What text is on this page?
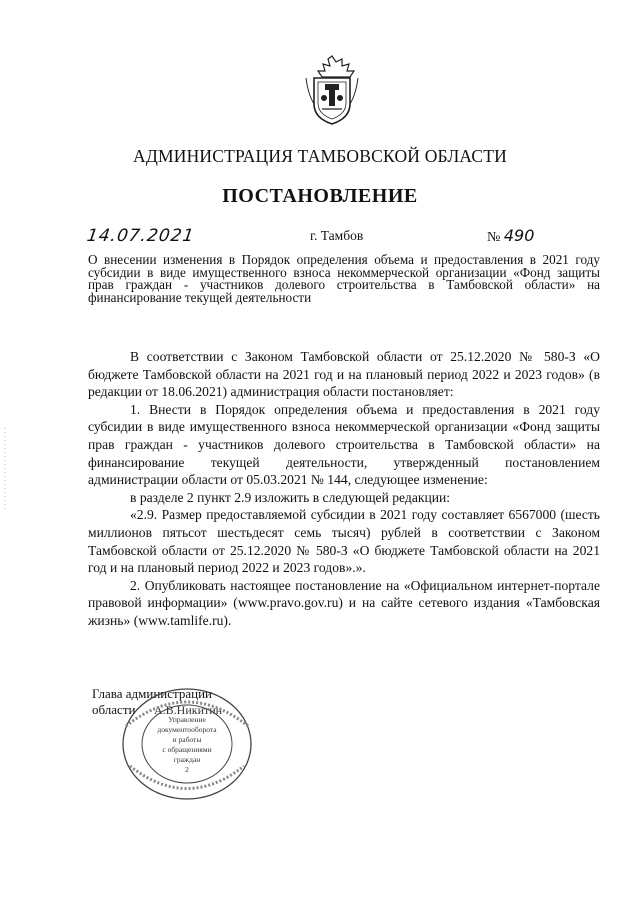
АДМИНИСТРАЦИЯ ТАМБОВСКОЙ ОБЛАСТИ
ПОСТАНОВЛЕНИЕ
14.07.2021	г. Тамбов	№ 490
О внесении изменения в Порядок определения объема и предоставления в 2021 году субсидии в виде имущественного взноса некоммерческой организации «Фонд защиты прав граждан - участников долевого строительства в Тамбовской области» на финансирование текущей деятельности

В соответствии с Законом Тамбовской области от 25.12.2020 № 580-З «О бюджете Тамбовской области на 2021 год и на плановый период 2022 и 2023 годов» (в редакции от 18.06.2021) администрация области постановляет:

1. Внести в Порядок определения объема и предоставления в 2021 году субсидии в виде имущественного взноса некоммерческой организации «Фонд защиты прав граждан - участников долевого строительства в Тамбовской области» на финансирование текущей деятельности, утвержденный постановлением администрации области от 05.03.2021 № 144, следующее изменение:

в разделе 2 пункт 2.9 изложить в следующей редакции:

«2.9. Размер предоставляемой субсидии в 2021 году составляет 6567000 (шесть миллионов пятьсот шестьдесят семь тысяч) рублей в соответствии с Законом Тамбовской области от 25.12.2020 № 580-З «О бюджете Тамбовской области на 2021 год и на плановый период 2022 и 2023 годов».».

2. Опубликовать настоящее постановление на «Официальном интернет-портале правовой информации» (www.pravo.gov.ru) и на сайте сетевого издания «Тамбовская жизнь» (www.tamlife.ru).

Глава администрации
области А.В.Никитин
Управление
документооборота
и работы
с обращениями
граждан
2
